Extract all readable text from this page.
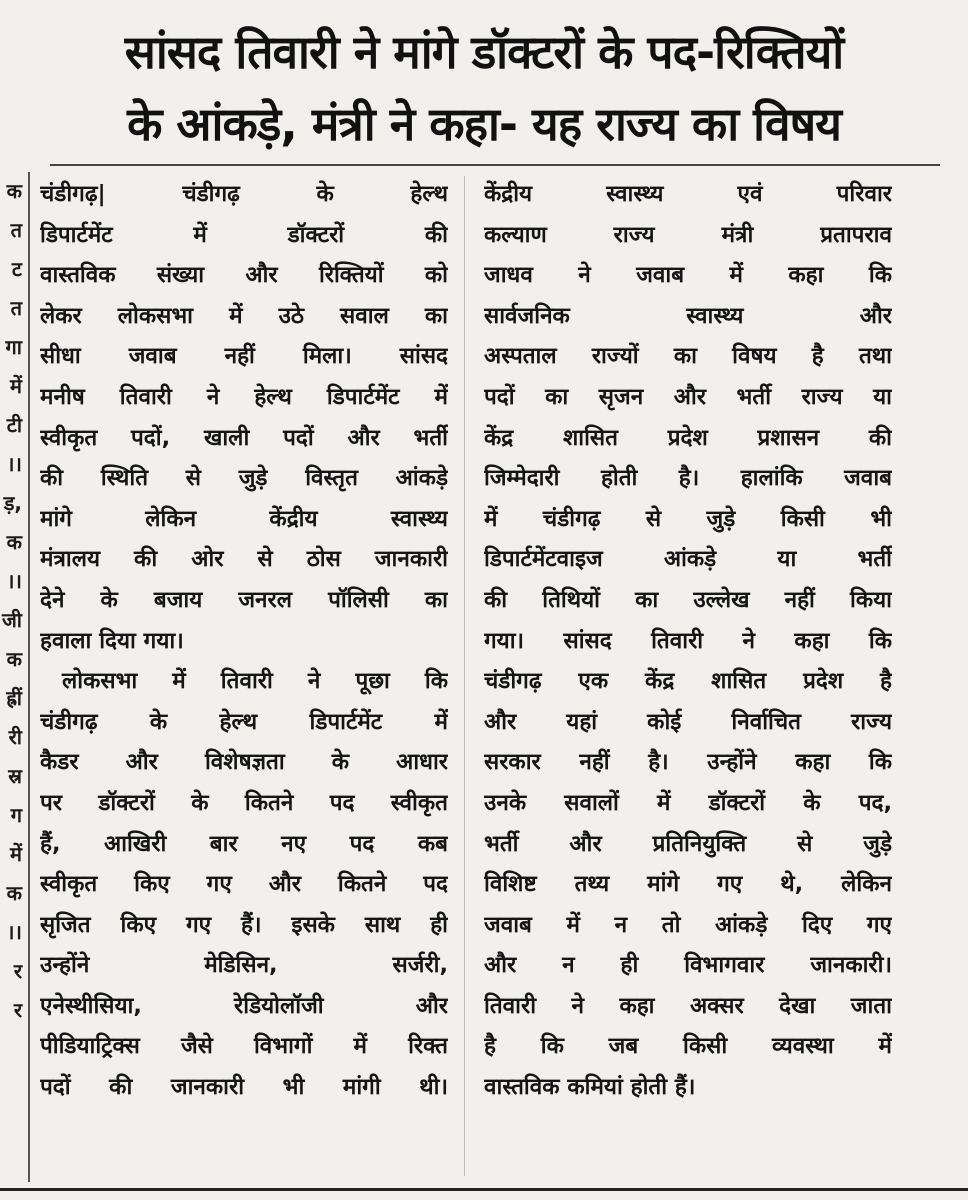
सांसद तिवारी ने मांगे डॉक्टरों के पद-रिक्तियों
के आंकड़े, मंत्री ने कहा- यह राज्य का विषय
क
त
ट
त
गा
में
टी
।।
ड़,
क
।।
जी
क
ह्रीं
री
स्र
ग
में
क
।।
र
र
चंडीगढ़| चंडीगढ़ के हेल्थ
डिपार्टमेंट में डॉक्टरों की
वास्तविक संख्या और रिक्तियों को
लेकर लोकसभा में उठे सवाल का
सीधा जवाब नहीं मिला। सांसद
मनीष तिवारी ने हेल्थ डिपार्टमेंट में
स्वीकृत पदों, खाली पदों और भर्ती
की स्थिति से जुड़े विस्तृत आंकड़े
मांगे लेकिन केंद्रीय स्वास्थ्य
मंत्रालय की ओर से ठोस जानकारी
देने के बजाय जनरल पॉलिसी का
हवाला दिया गया।
लोकसभा में तिवारी ने पूछा कि
चंडीगढ़ के हेल्थ डिपार्टमेंट में
कैडर और विशेषज्ञता के आधार
पर डॉक्टरों के कितने पद स्वीकृत
हैं, आखिरी बार नए पद कब
स्वीकृत किए गए और कितने पद
सृजित किए गए हैं। इसके साथ ही
उन्होंने मेडिसिन, सर्जरी,
एनेस्थीसिया, रेडियोलॉजी और
पीडियाट्रिक्स जैसे विभागों में रिक्त
पदों की जानकारी भी मांगी थी।
केंद्रीय स्वास्थ्य एवं परिवार
कल्याण राज्य मंत्री प्रतापराव
जाधव ने जवाब में कहा कि
सार्वजनिक स्वास्थ्य और
अस्पताल राज्यों का विषय है तथा
पदों का सृजन और भर्ती राज्य या
केंद्र शासित प्रदेश प्रशासन की
जिम्मेदारी होती है। हालांकि जवाब
में चंडीगढ़ से जुड़े किसी भी
डिपार्टमेंटवाइज आंकड़े या भर्ती
की तिथियों का उल्लेख नहीं किया
गया। सांसद तिवारी ने कहा कि
चंडीगढ़ एक केंद्र शासित प्रदेश है
और यहां कोई निर्वाचित राज्य
सरकार नहीं है। उन्होंने कहा कि
उनके सवालों में डॉक्टरों के पद,
भर्ती और प्रतिनियुक्ति से जुड़े
विशिष्ट तथ्य मांगे गए थे, लेकिन
जवाब में न तो आंकड़े दिए गए
और न ही विभागवार जानकारी।
तिवारी ने कहा अक्सर देखा जाता
है कि जब किसी व्यवस्था में
वास्तविक कमियां होती हैं।
